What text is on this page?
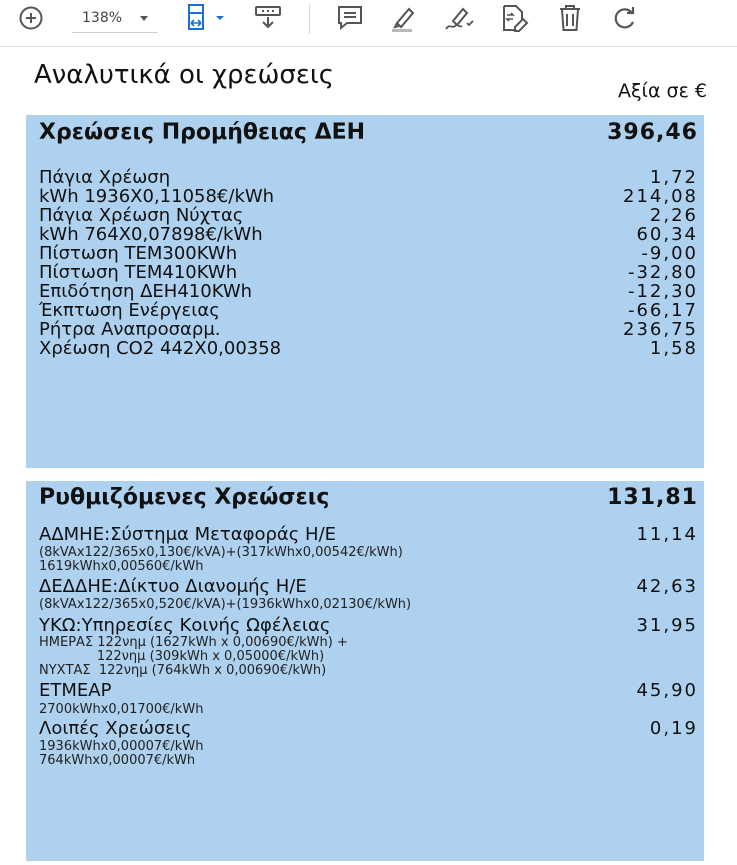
138%
Αναλυτικά οι χρεώσεις
Αξία σε €
Χρεώσεις Προμήθειας ΔΕΗ	396,46
Πάγια Χρέωση	1,72
kWh 1936X0,11058€/kWh	214,08
Πάγια Χρέωση Νύχτας	2,26
kWh 764X0,07898€/kWh	60,34
Πίστωση ΤΕΜ300KWh	-9,00
Πίστωση ΤΕΜ410KWh	-32,80
Επιδότηση ΔΕΗ410KWh	-12,30
Έκπτωση Ενέργειας	-66,17
Ρήτρα Αναπροσαρμ.	236,75
Χρέωση CO2 442X0,00358	1,58
Ρυθμιζόμενες Χρεώσεις	131,81
ΑΔΜΗΕ:Σύστημα Μεταφοράς Η/Ε	11,14
(8kVAx122/365x0,130€/kVA)+(317kWhx0,00542€/kWh)
1619kWhx0,00560€/kWh
ΔΕΔΔΗΕ:Δίκτυο Διανομής Η/Ε	42,63
(8kVAx122/365x0,520€/kVA)+(1936kWhx0,02130€/kWh)
ΥΚΩ:Υπηρεσίες Κοινής Ωφέλειας	31,95
ΗΜΕΡΑΣ 122νημ (1627kWh x 0,00690€/kWh) +
122νημ (309kWh x 0,05000€/kWh)
ΝΥΧΤΑΣ  122νημ (764kWh x 0,00690€/kWh)
ΕΤΜΕΑΡ	45,90
2700kWhx0,01700€/kWh
Λοιπές Χρεώσεις	0,19
1936kWhx0,00007€/kWh
764kWhx0,00007€/kWh
